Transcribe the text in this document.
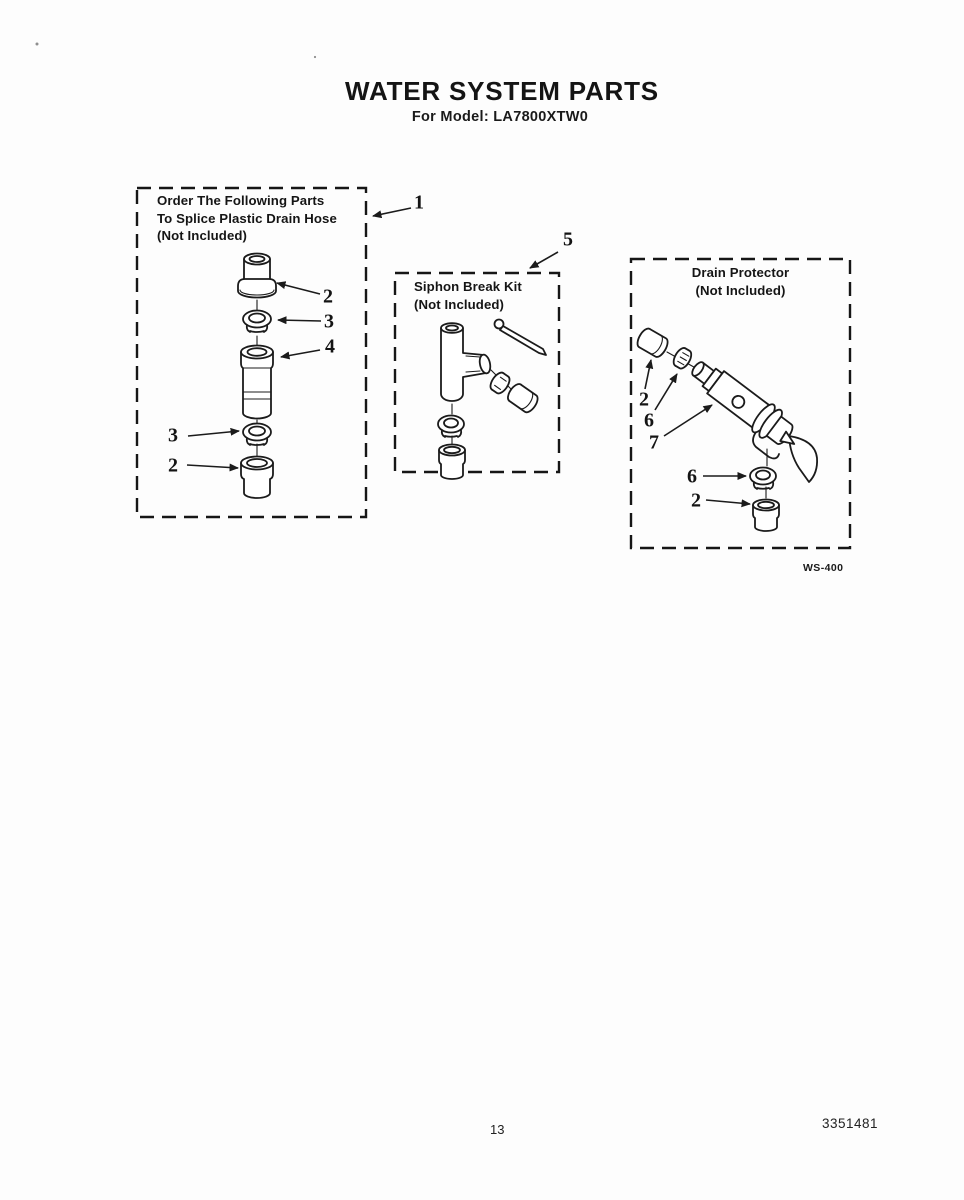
WATER SYSTEM PARTS
For Model: LA7800XTW0
Order The Following Parts
To Splice Plastic Drain Hose
(Not Included)
Siphon Break Kit
(Not Included)
Drain Protector
(Not Included)
1
2
3
4
3
2
5
2
6
7
6
2
WS-400
13	3351481
